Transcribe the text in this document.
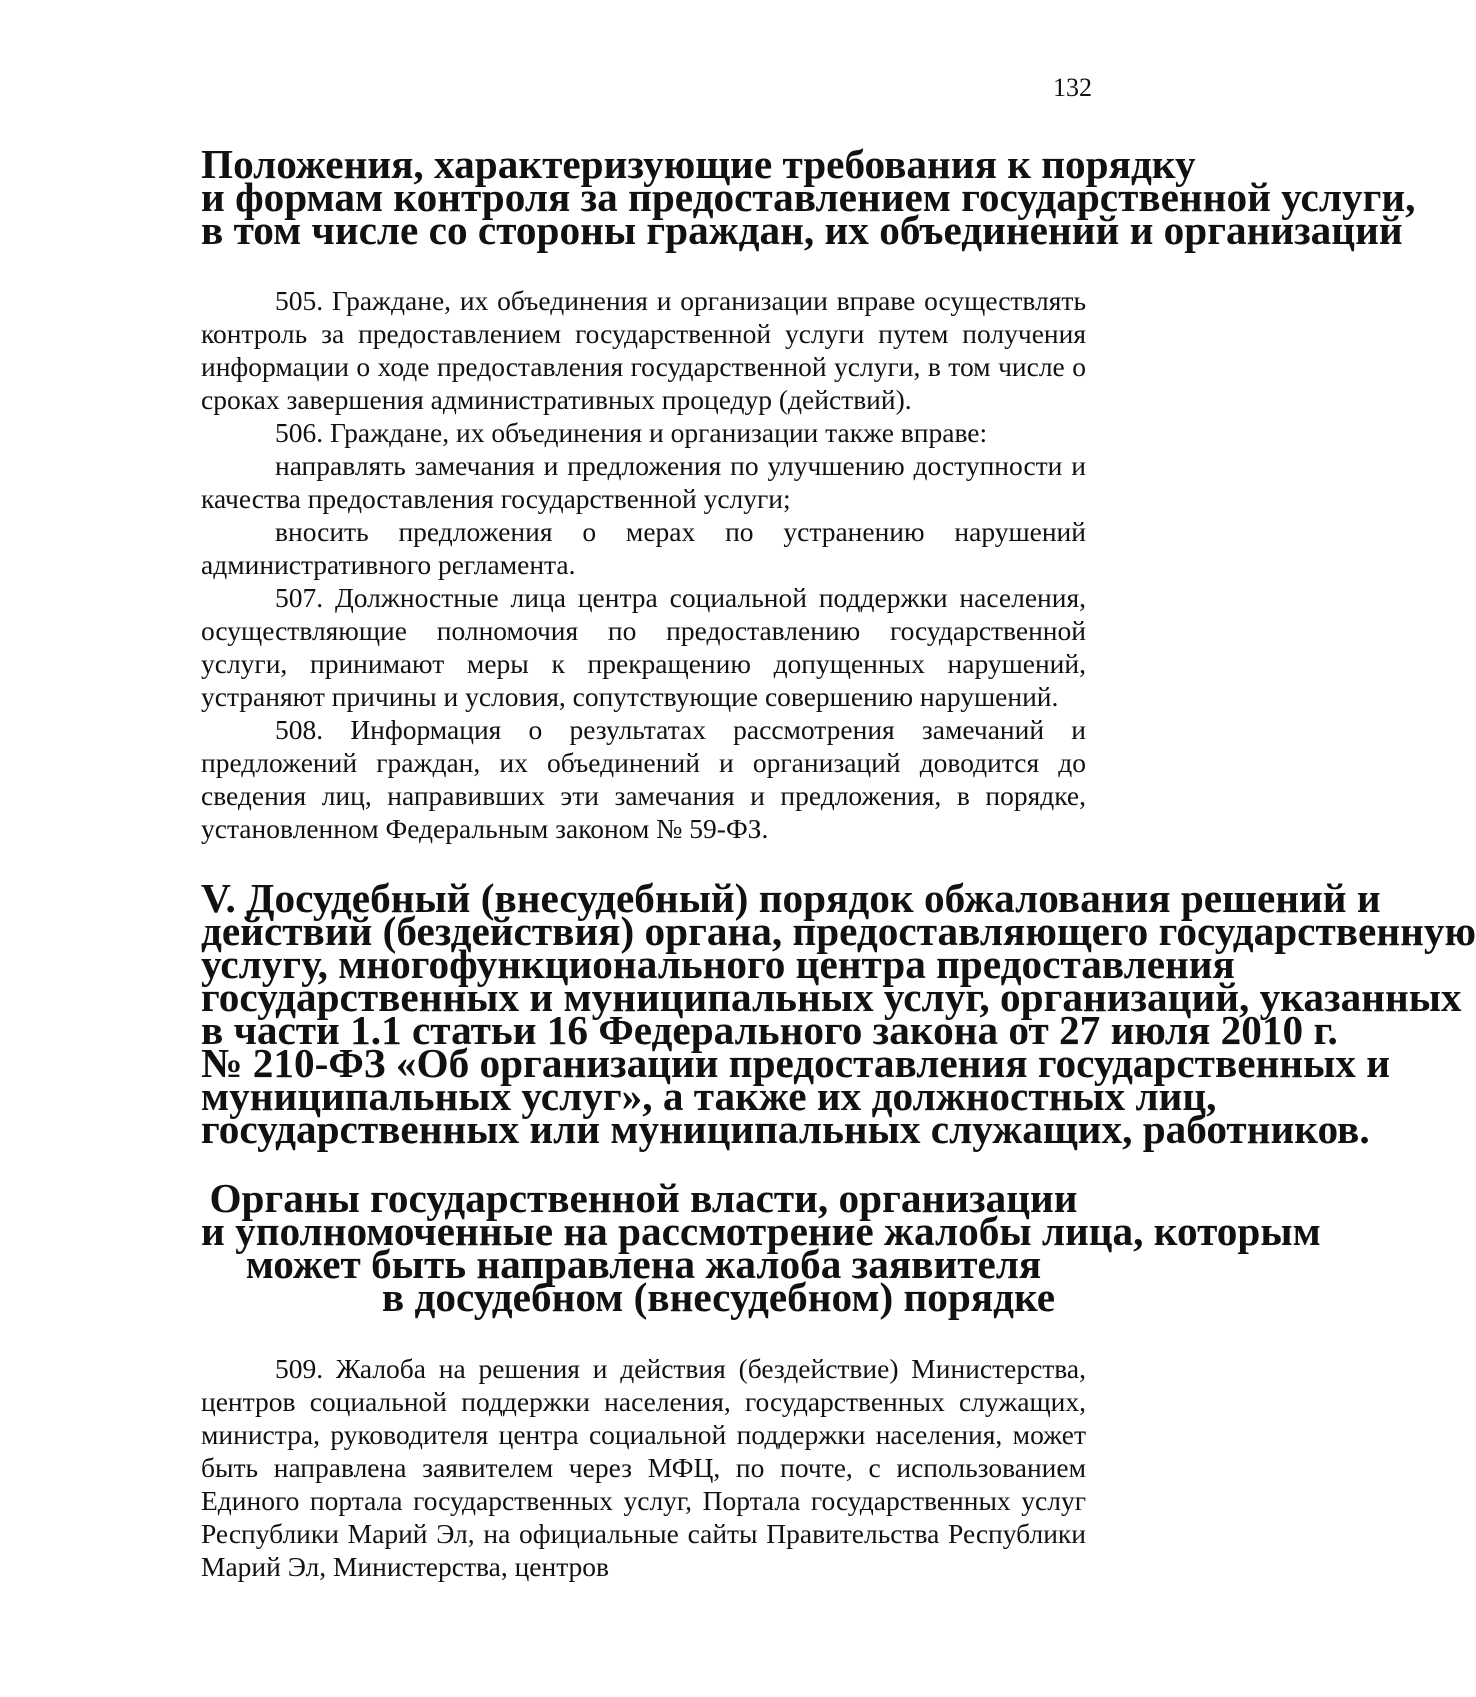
132
Положения, характеризующие требования к порядку
и формам контроля за предоставлением государственной услуги,
в том числе со стороны граждан, их объединений и организаций

505. Граждане, их объединения и организации вправе осуществлять контроль за предоставлением государственной услуги путем получения информации о ходе предоставления государственной услуги, в том числе о сроках завершения административных процедур (действий).

506. Граждане, их объединения и организации также вправе:

направлять замечания и предложения по улучшению доступности и качества предоставления государственной услуги;

вносить предложения о мерах по устранению нарушений административного регламента.

507. Должностные лица центра социальной поддержки населения, осуществляющие полномочия по предоставлению государственной услуги, принимают меры к прекращению допущенных нарушений, устраняют причины и условия, сопутствующие совершению нарушений.

508. Информация о результатах рассмотрения замечаний и предложений граждан, их объединений и организаций доводится до сведения лиц, направивших эти замечания и предложения, в порядке, установленном Федеральным законом № 59-ФЗ.

V. Досудебный (внесудебный) порядок обжалования решений и
действий (бездействия) органа, предоставляющего государственную
услугу, многофункционального центра предоставления
государственных и муниципальных услуг, организаций, указанных
в части 1.1 статьи 16 Федерального закона от 27 июля 2010 г.
№ 210-ФЗ «Об организации предоставления государственных и
муниципальных услуг», а также их должностных лиц,
государственных или муниципальных служащих, работников.
Органы государственной власти, организации
и уполномоченные на рассмотрение жалобы лица, которым
может быть направлена жалоба заявителя
в досудебном (внесудебном) порядке

509. Жалоба на решения и действия (бездействие) Министерства, центров социальной поддержки населения, государственных служащих, министра, руководителя центра социальной поддержки населения, может быть направлена заявителем через МФЦ, по почте, с использованием Единого портала государственных услуг, Портала государственных услуг Республики Марий Эл, на официальные сайты Правительства Республики Марий Эл, Министерства, центров
